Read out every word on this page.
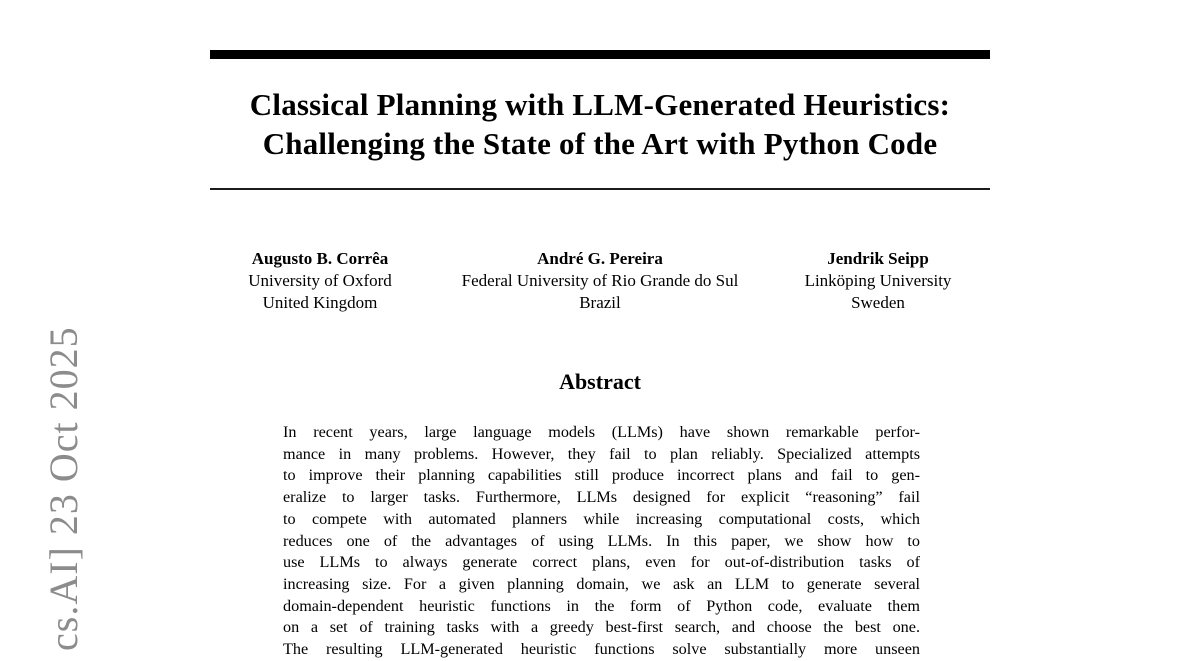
cs.AI] 23 Oct 2025
Classical Planning with LLM-Generated Heuristics:
Challenging the State of the Art with Python Code
Augusto B. Corrêa
University of Oxford
United Kingdom
André G. Pereira
Federal University of Rio Grande do Sul
Brazil
Jendrik Seipp
Linköping University
Sweden
Abstract
In recent years, large language models (LLMs) have shown remarkable perfor-
mance in many problems. However, they fail to plan reliably. Specialized attempts
to improve their planning capabilities still produce incorrect plans and fail to gen-
eralize to larger tasks. Furthermore, LLMs designed for explicit “reasoning” fail
to compete with automated planners while increasing computational costs, which
reduces one of the advantages of using LLMs. In this paper, we show how to
use LLMs to always generate correct plans, even for out-of-distribution tasks of
increasing size. For a given planning domain, we ask an LLM to generate several
domain-dependent heuristic functions in the form of Python code, evaluate them
on a set of training tasks with a greedy best-first search, and choose the best one.
The resulting LLM-generated heuristic functions solve substantially more unseen
